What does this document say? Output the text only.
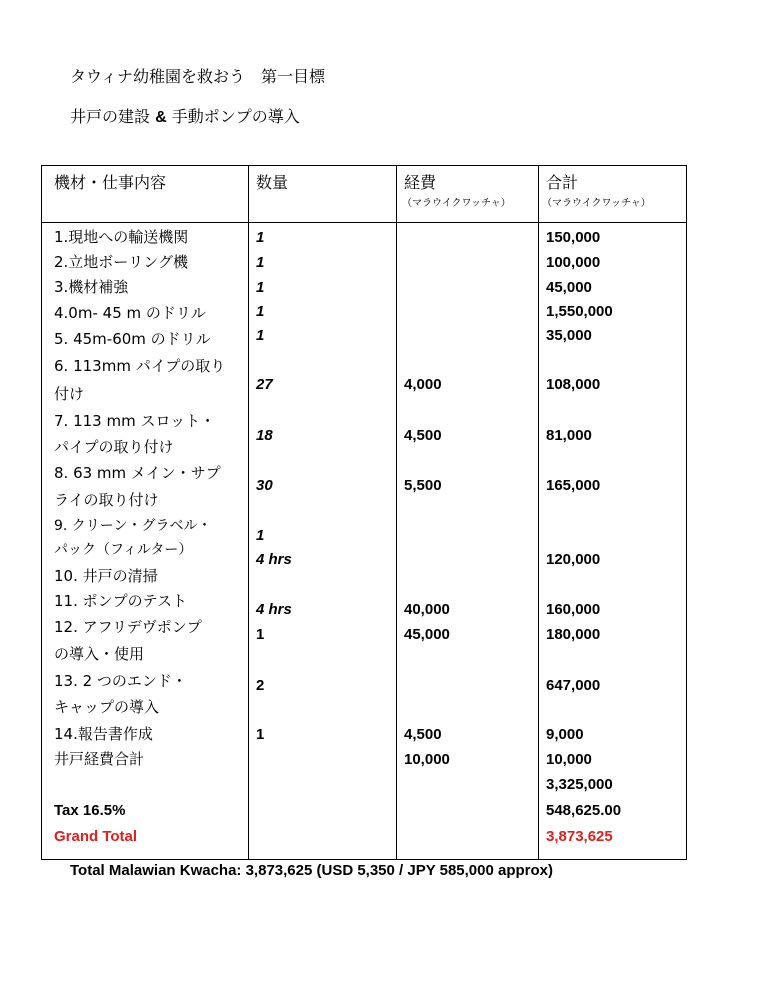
タウィナ幼稚園を救おう　第一目標
井戸の建設 & 手動ポンプの導入
機材・仕事内容	数量	経費
（マラウイクワッチャ）
合計
（マラウイクワッチャ）
1.現地への輸送機関
2.立地ボーリング機
3.機材補強
4.0m- 45 m のドリル
5. 45m-60m のドリル
6. 113mm パイプの取り
付け
7. 113 mm スロット・
パイプの取り付け
8. 63 mm メイン・サプ
ライの取り付け
9. クリーン・グラベル・
パック（フィルター）
10. 井戸の清掃
11. ポンプのテスト
12. アフリデヴポンプ
の導入・使用
13. 2 つのエンド・
キャップの導入
14.報告書作成
井戸経費合計
Tax 16.5%
Grand Total
1
1
1
1
1
27
18
30
1
4 hrs
4 hrs
1
2
1
4,000
4,500
5,500
40,000
45,000
4,500
10,000
150,000
100,000
45,000
1,550,000
35,000
108,000
81,000
165,000
120,000
160,000
180,000
647,000
9,000
10,000
3,325,000
548,625.00
3,873,625
Total Malawian Kwacha: 3,873,625 (USD 5,350 / JPY 585,000 approx)
